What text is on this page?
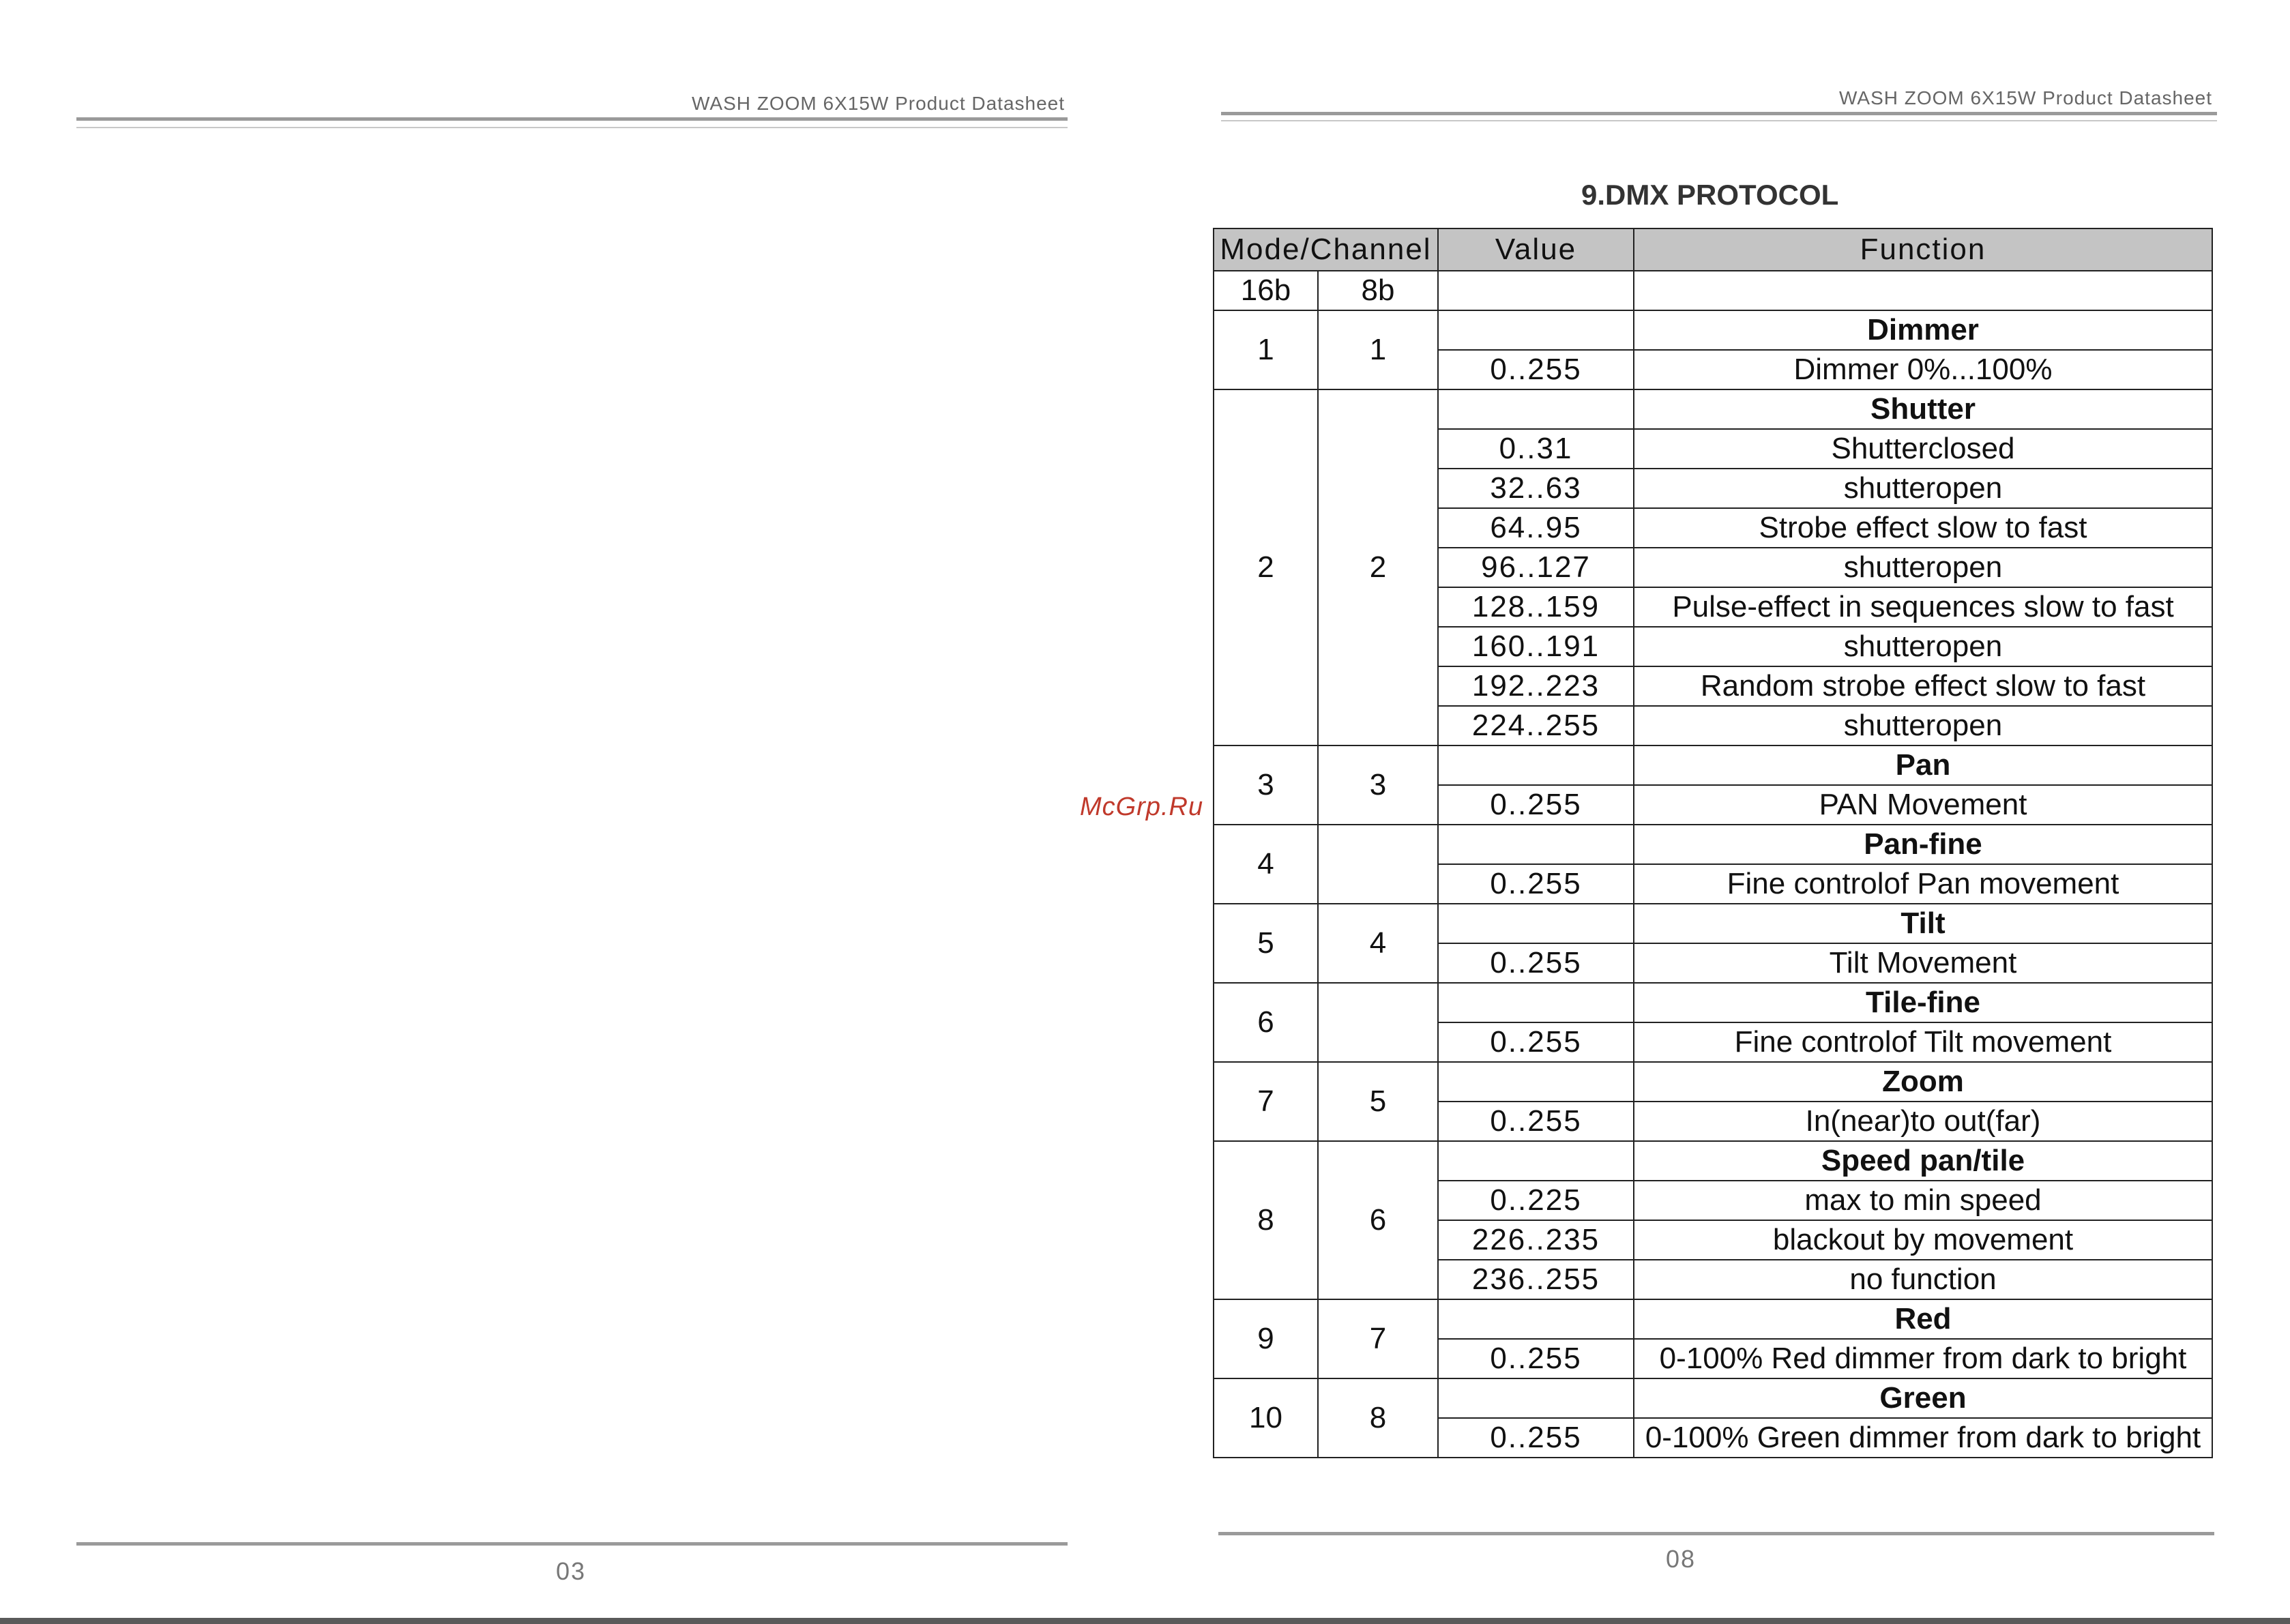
WASH ZOOM 6X15W Product Datasheet
03
McGrp.Ru
WASH ZOOM 6X15W Product Datasheet
08
9.DMX PROTOCOL
Mode/Channel		Value	Function
16b	8b		
1	1		Dimmer
		0..255	Dimmer 0%...100%
2	2		Shutter
		0..31	Shutterclosed
		32..63	shutteropen
		64..95	Strobe effect slow to fast
		96..127	shutteropen
		128..159	Pulse-effect in sequences slow to fast
		160..191	shutteropen
		192..223	Random strobe effect slow to fast
		224..255	shutteropen
3	3		Pan
		0..255	PAN Movement
4			Pan-fine
		0..255	Fine controlof Pan movement
5	4		Tilt
		0..255	Tilt Movement
6			Tile-fine
		0..255	Fine controlof Tilt movement
7	5		Zoom
		0..255	In(near)to out(far)
8	6		Speed pan/tile
		0..225	max to min speed
		226..235	blackout by movement
		236..255	no function
9	7		Red
		0..255	0-100% Red dimmer from dark to bright
10	8		Green
		0..255	0-100% Green dimmer from dark to bright
